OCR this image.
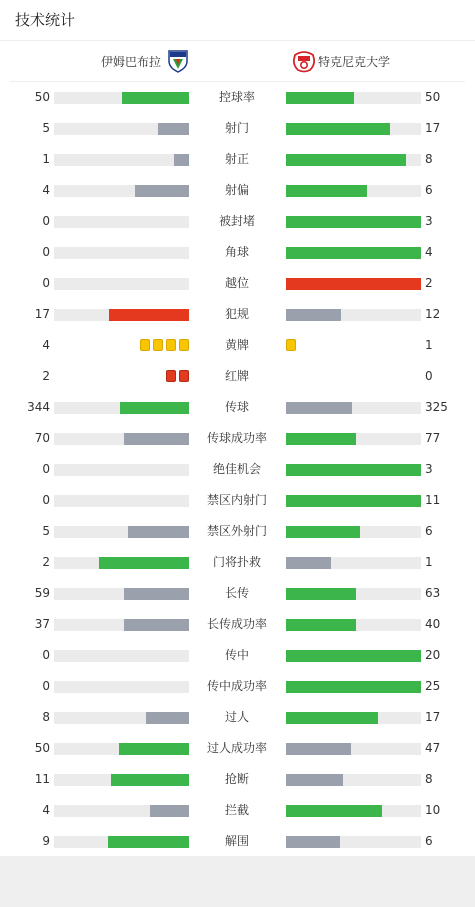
技术统计
伊姆巴布拉	特克尼克大学
50	控球率	50
5	射门	17
1	射正	8
4	射偏	6
0	被封堵	3
0	角球	4
0	越位	2
17	犯规	12
4	黄牌	1
2	红牌	0
344	传球	325
70	传球成功率	77
0	绝佳机会	3
0	禁区内射门	11
5	禁区外射门	6
2	门将扑救	1
59	长传	63
37	长传成功率	40
0	传中	20
0	传中成功率	25
8	过人	17
50	过人成功率	47
11	抢断	8
4	拦截	10
9	解围	6
